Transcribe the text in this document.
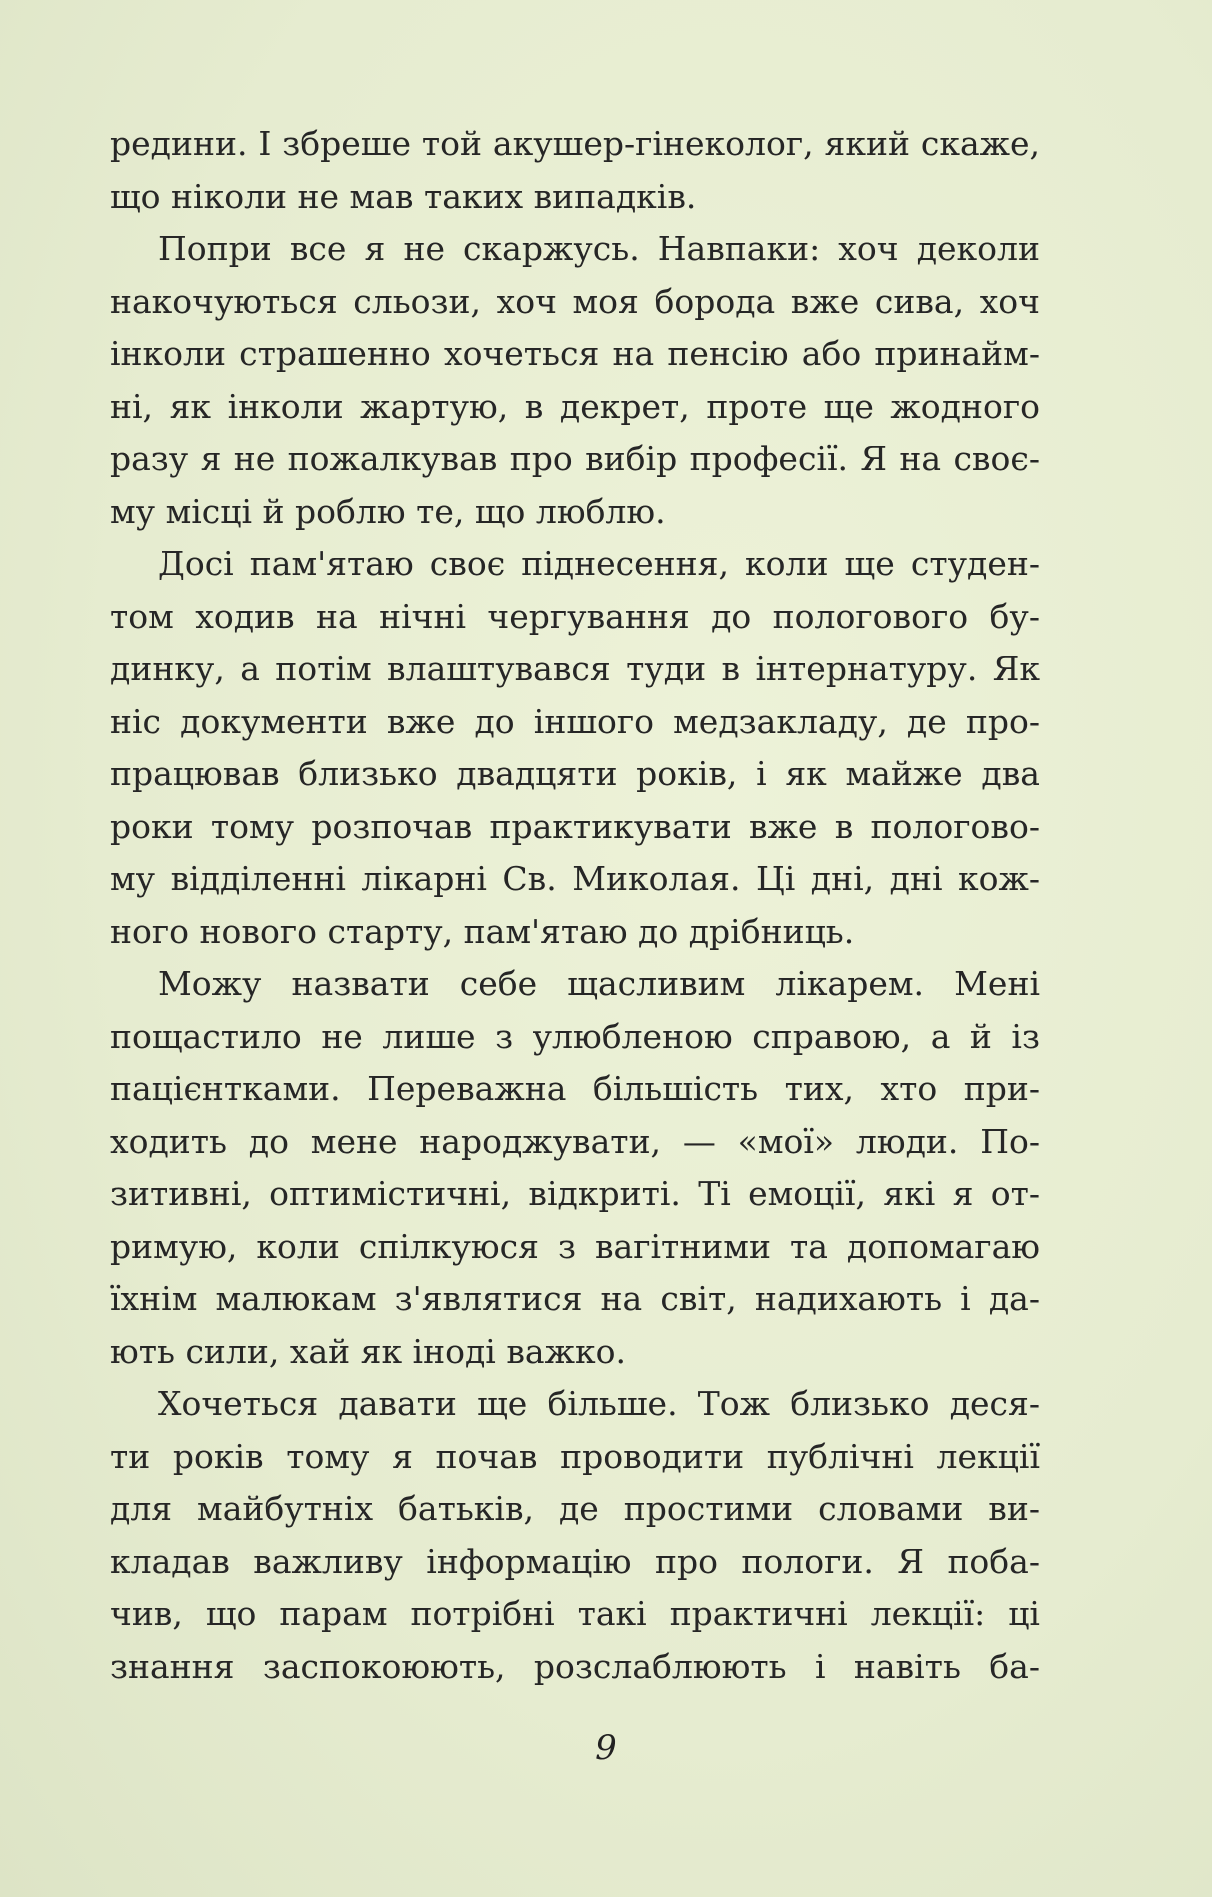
редини. І збреше той акушер-гінеколог, який скаже,
що ніколи не мав таких випадків.
Попри все я не скаржусь. Навпаки: хоч деколи
накочуються сльози, хоч моя борода вже сива, хоч
інколи страшенно хочеться на пенсію або принайм-
ні, як інколи жартую, в декрет, проте ще жодного
разу я не пожалкував про вибір професії. Я на своє-
му місці й роблю те, що люблю.
Досі пам'ятаю своє піднесення, коли ще студен-
том ходив на нічні чергування до пологового бу-
динку, а потім влаштувався туди в інтернатуру. Як
ніс документи вже до іншого медзакладу, де про-
працював близько двадцяти років, і як майже два
роки тому розпочав практикувати вже в пологово-
му відділенні лікарні Св. Миколая. Ці дні, дні кож-
ного нового старту, пам'ятаю до дрібниць.
Можу назвати себе щасливим лікарем. Мені
пощастило не лише з улюбленою справою, а й із
пацієнтками. Переважна більшість тих, хто при-
ходить до мене народжувати, — «мої» люди. По-
зитивні, оптимістичні, відкриті. Ті емоції, які я от-
римую, коли спілкуюся з вагітними та допомагаю
їхнім малюкам з'являтися на світ, надихають і да-
ють сили, хай як іноді важко.
Хочеться давати ще більше. Тож близько деся-
ти років тому я почав проводити публічні лекції
для майбутніх батьків, де простими словами ви-
кладав важливу інформацію про пологи. Я поба-
чив, що парам потрібні такі практичні лекції: ці
знання заспокоюють, розслаблюють і навіть ба-
9
